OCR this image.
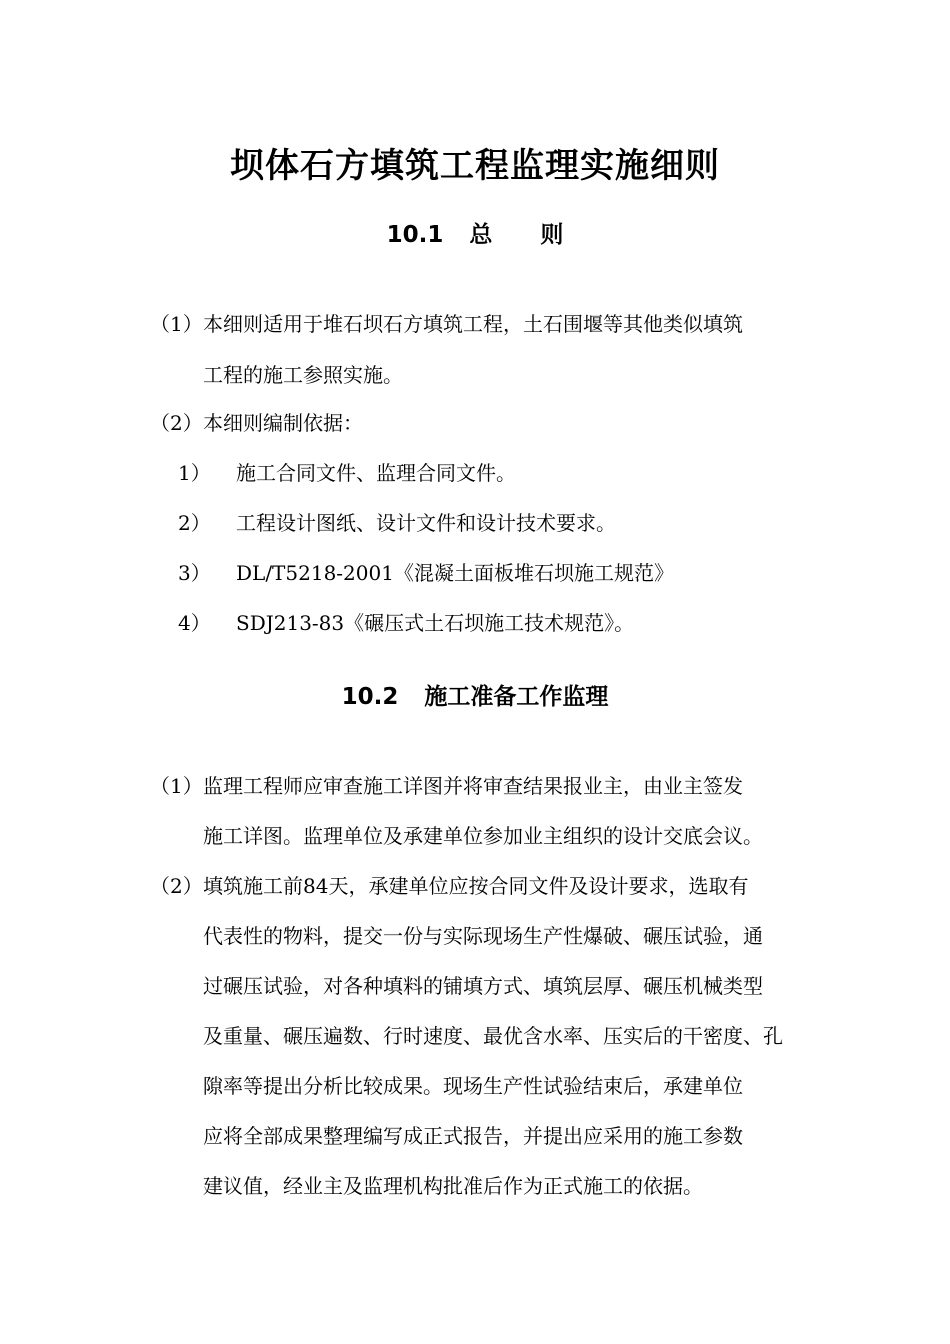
坝体石方填筑工程监理实施细则
10.1 总 则
（1） 本细则适用于堆石坝石方填筑工程，土石围堰等其他类似填筑
工程的施工参照实施。
（2） 本细则编制依据：
1） 施工合同文件、监理合同文件。
2） 工程设计图纸、设计文件和设计技术要求。
3） DL/T5218-2001《混凝土面板堆石坝施工规范》
4） SDJ213-83《碾压式土石坝施工技术规范》。
10.2 施工准备工作监理
（1） 监理工程师应审查施工详图并将审查结果报业主，由业主签发
施工详图。监理单位及承建单位参加业主组织的设计交底会议。
（2） 填筑施工前84天，承建单位应按合同文件及设计要求，选取有
代表性的物料，提交一份与实际现场生产性爆破、碾压试验，通
过碾压试验，对各种填料的铺填方式、填筑层厚、碾压机械类型
及重量、碾压遍数、行时速度、最优含水率、压实后的干密度、孔
隙率等提出分析比较成果。现场生产性试验结束后，承建单位
应将全部成果整理编写成正式报告，并提出应采用的施工参数
建议值，经业主及监理机构批准后作为正式施工的依据。
